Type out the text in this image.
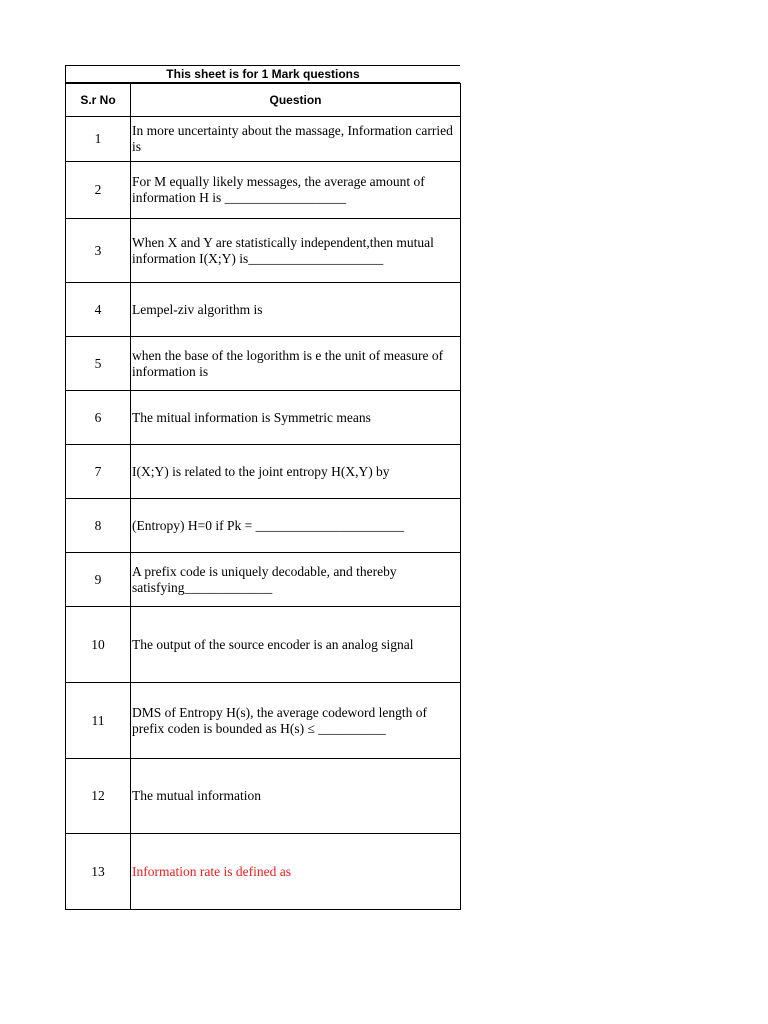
This sheet is for 1 Mark questions
S.r No	Question
1	In more uncertainty about the massage, Information carried is
2	For M equally likely messages, the average amount of information H is __________________
3	When X and Y are statistically independent,then mutual information I(X;Y) is____________________
4	Lempel-ziv algorithm is
5	when the base of the logorithm is e the unit of measure of information is
6	The mitual information is Symmetric means
7	I(X;Y) is related to the joint entropy H(X,Y) by
8	(Entropy) H=0 if Pk = ______________________
9	A prefix code is uniquely decodable, and thereby satisfying_____________
10	The output of the source encoder is an analog signal
11	DMS of Entropy H(s), the average codeword length of prefix coden is bounded as H(s) ≤ __________
12	The mutual information
13	Information rate is defined as
